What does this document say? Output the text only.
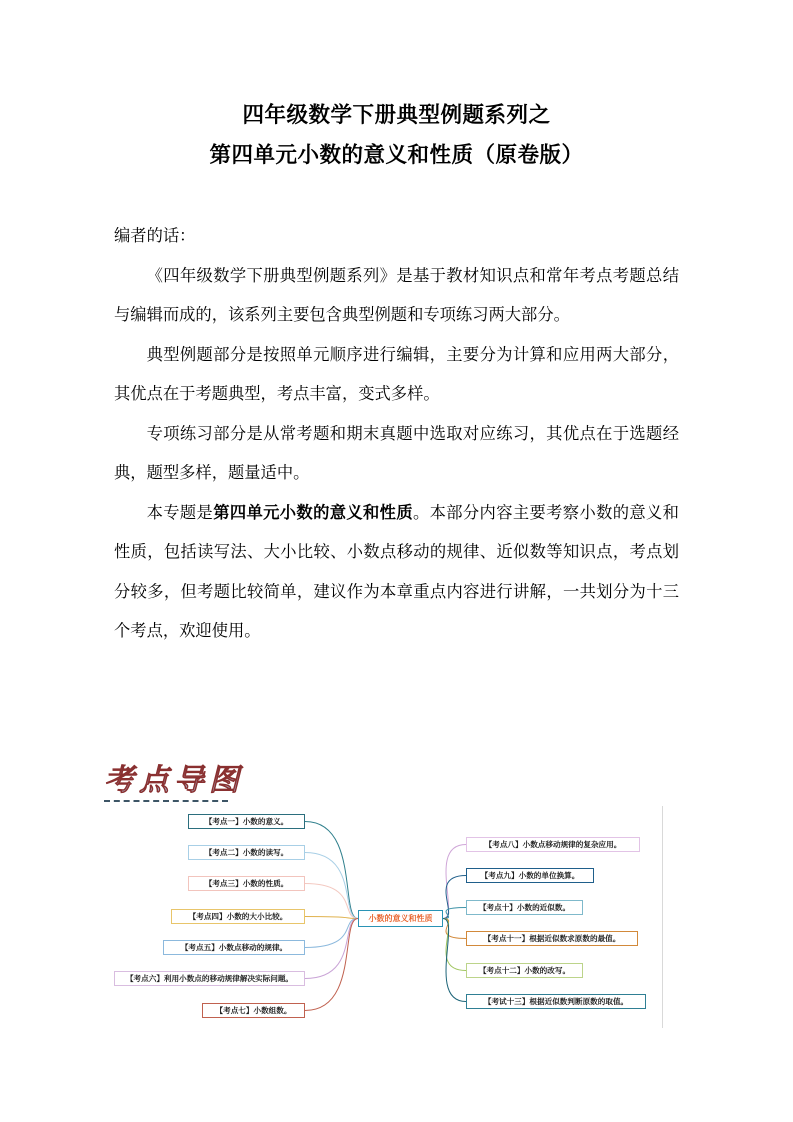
四年级数学下册典型例题系列之
第四单元小数的意义和性质（原卷版）

编者的话：

《四年级数学下册典型例题系列》是基于教材知识点和常年考点考题总结与编辑而成的，该系列主要包含典型例题和专项练习两大部分。

典型例题部分是按照单元顺序进行编辑，主要分为计算和应用两大部分，其优点在于考题典型，考点丰富，变式多样。

专项练习部分是从常考题和期末真题中选取对应练习，其优点在于选题经典，题型多样，题量适中。

本专题是第四单元小数的意义和性质。本部分内容主要考察小数的意义和性质，包括读写法、大小比较、小数点移动的规律、近似数等知识点，考点划分较多，但考题比较简单，建议作为本章重点内容进行讲解，一共划分为十三个考点，欢迎使用。

考点导图
小数的意义和性质
【考点一】小数的意义。
【考点二】小数的读写。
【考点三】小数的性质。
【考点四】小数的大小比较。
【考点五】小数点移动的规律。
【考点六】利用小数点的移动规律解决实际问题。
【考点七】小数组数。
【考点八】小数点移动规律的复杂应用。
【考点九】小数的单位换算。
【考点十】小数的近似数。
【考点十一】根据近似数求原数的最值。
【考点十二】小数的改写。
【考试十三】根据近似数判断原数的取值。
